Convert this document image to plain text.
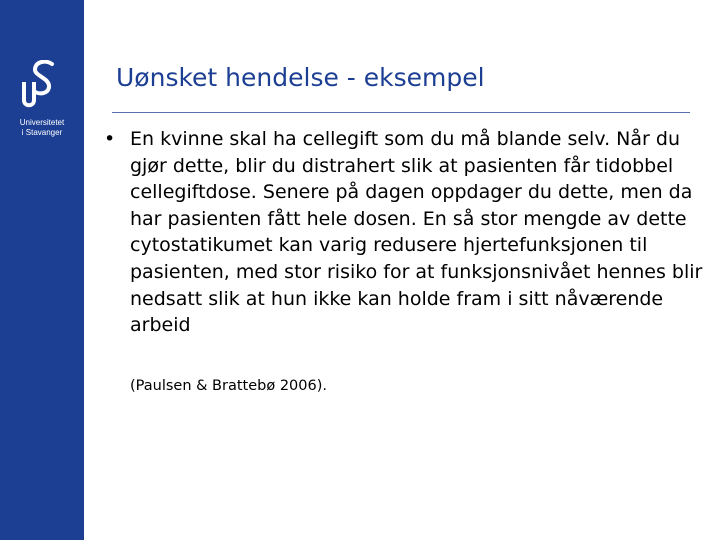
Universitetet
i Stavanger
Uønsket hendelse - eksempel
• En kvinne skal ha cellegift som du må blande selv. Når du gjør dette, blir du distrahert slik at pasienten får tidobbel cellegiftdose. Senere på dagen oppdager du dette, men da har pasienten fått hele dosen. En så stor mengde av dette cytostatikumet kan varig redusere hjertefunksjonen til pasienten, med stor risiko for at funksjonsnivået hennes blir nedsatt slik at hun ikke kan holde fram i sitt nåværende arbeid

(Paulsen & Brattebø 2006).
